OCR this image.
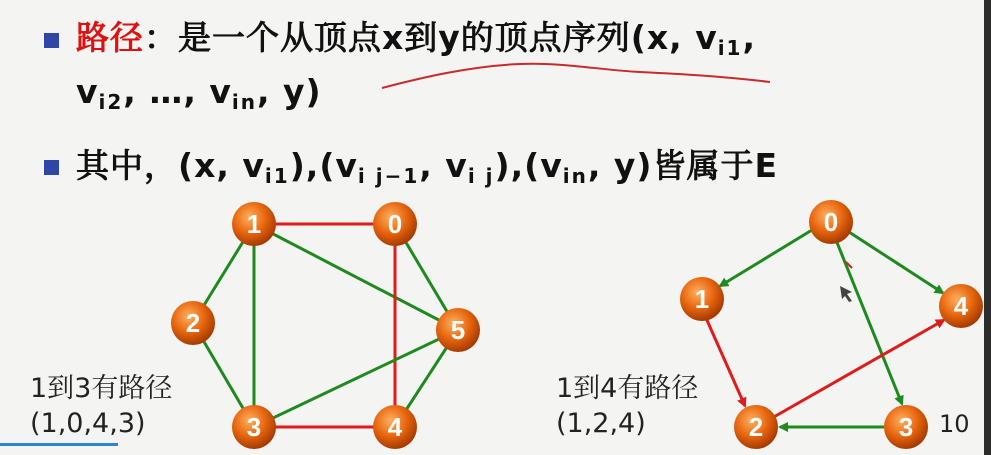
路径：是一个从顶点x到y的顶点序列(x, $v_{i1}$,
$v_{i2}$, …, $v_{in}$, y)
其中，(x, $v_{i1}),(v_{i j-1}$, $v_{i j}),(v_{in}$, y)皆属于E
1	0
2	5
3	4
0
1	4
2	3
1到3有路径
(1,0,4,3)
1到4有路径
(1,2,4)	10
